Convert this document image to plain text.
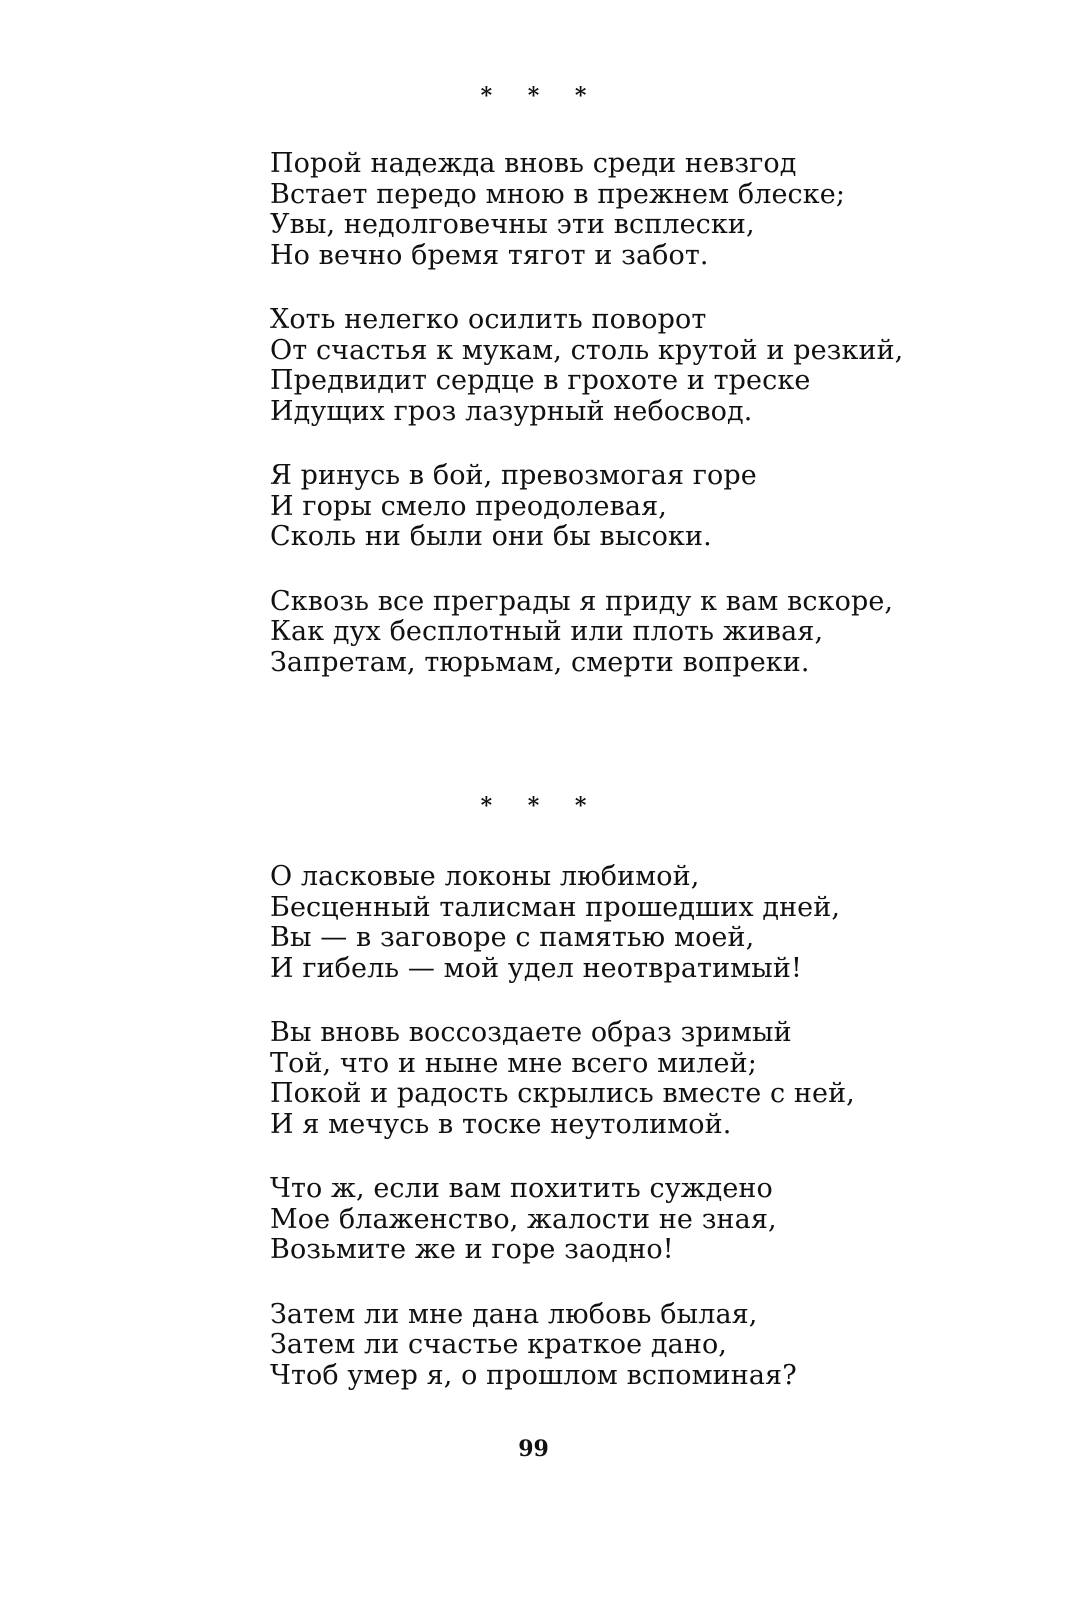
* * *
Порой надежда вновь среди невзгод
Встает передо мною в прежнем блеске;
Увы, недолговечны эти всплески,
Но вечно бремя тягот и забот.
Хоть нелегко осилить поворот
От счастья к мукам, столь крутой и резкий,
Предвидит сердце в грохоте и треске
Идущих гроз лазурный небосвод.
Я ринусь в бой, превозмогая горе
И горы смело преодолевая,
Сколь ни были они бы высоки.
Сквозь все преграды я приду к вам вскоре,
Как дух бесплотный или плоть живая,
Запретам, тюрьмам, смерти вопреки.
* * *
О ласковые локоны любимой,
Бесценный талисман прошедших дней,
Вы — в заговоре с памятью моей,
И гибель — мой удел неотвратимый!
Вы вновь воссоздаете образ зримый
Той, что и ныне мне всего милей;
Покой и радость скрылись вместе с ней,
И я мечусь в тоске неутолимой.
Что ж, если вам похитить суждено
Мое блаженство, жалости не зная,
Возьмите же и горе заодно!
Затем ли мне дана любовь былая,
Затем ли счастье краткое дано,
Чтоб умер я, о прошлом вспоминая?
99
